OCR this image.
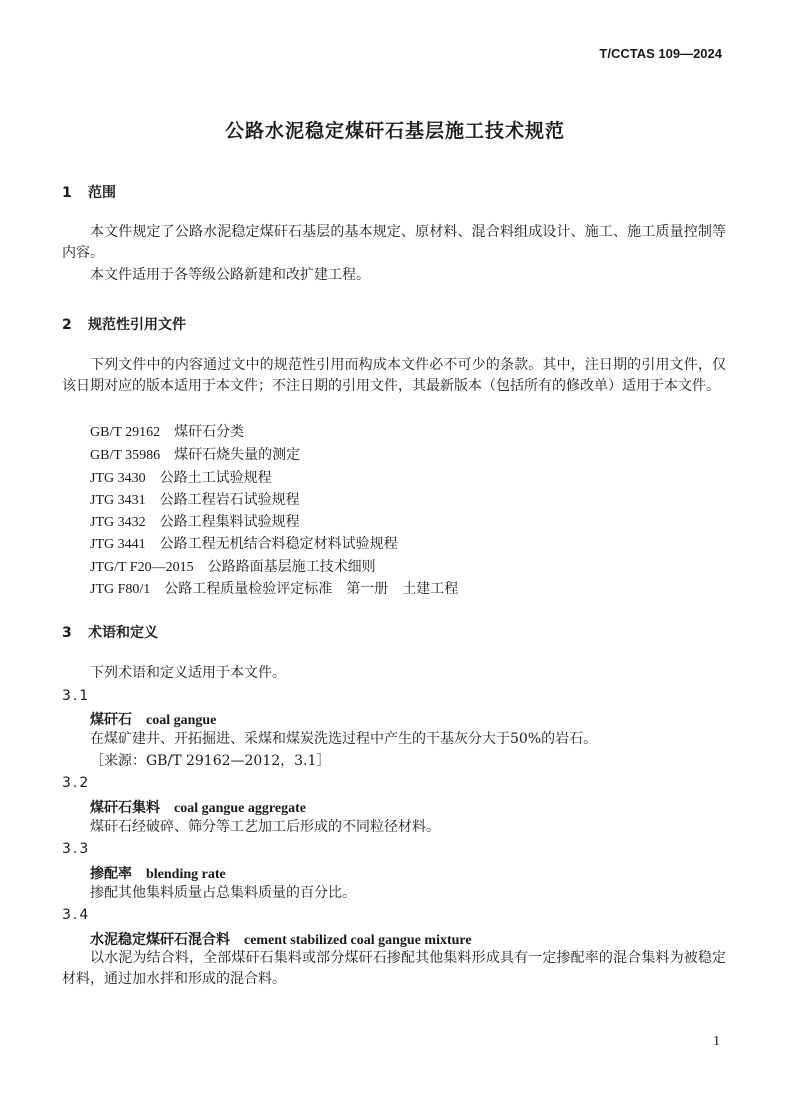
T/CCTAS 109—2024
公路水泥稳定煤矸石基层施工技术规范
1 范围
本文件规定了公路水泥稳定煤矸石基层的基本规定、原材料、混合料组成设计、施工、施工质量控制等内容。
本文件适用于各等级公路新建和改扩建工程。
2 规范性引用文件
下列文件中的内容通过文中的规范性引用而构成本文件必不可少的条款。其中，注日期的引用文件，仅该日期对应的版本适用于本文件；不注日期的引用文件，其最新版本（包括所有的修改单）适用于本文件。
GB/T 29162　 煤矸石分类
GB/T 35986　 煤矸石烧失量的测定
JTG 3430　 公路土工试验规程
JTG 3431　 公路工程岩石试验规程
JTG 3432　 公路工程集料试验规程
JTG 3441　 公路工程无机结合料稳定材料试验规程
JTG/T F20—2015　 公路路面基层施工技术细则
JTG F80/1　 公路工程质量检验评定标准　第一册　土建工程
3 术语和定义
下列术语和定义适用于本文件。
3.1
煤矸石 coal gangue
在煤矿建井、开拓掘进、采煤和煤炭洗选过程中产生的干基灰分大于50%的岩石。
［来源：GB/T 29162—2012，3.1］
3.2
煤矸石集料 coal gangue aggregate
煤矸石经破碎、筛分等工艺加工后形成的不同粒径材料。
3.3
掺配率 blending rate
掺配其他集料质量占总集料质量的百分比。
3.4
水泥稳定煤矸石混合料 cement stabilized coal gangue mixture
以水泥为结合料，全部煤矸石集料或部分煤矸石掺配其他集料形成具有一定掺配率的混合集料为被稳定材料，通过加水拌和形成的混合料。
1
